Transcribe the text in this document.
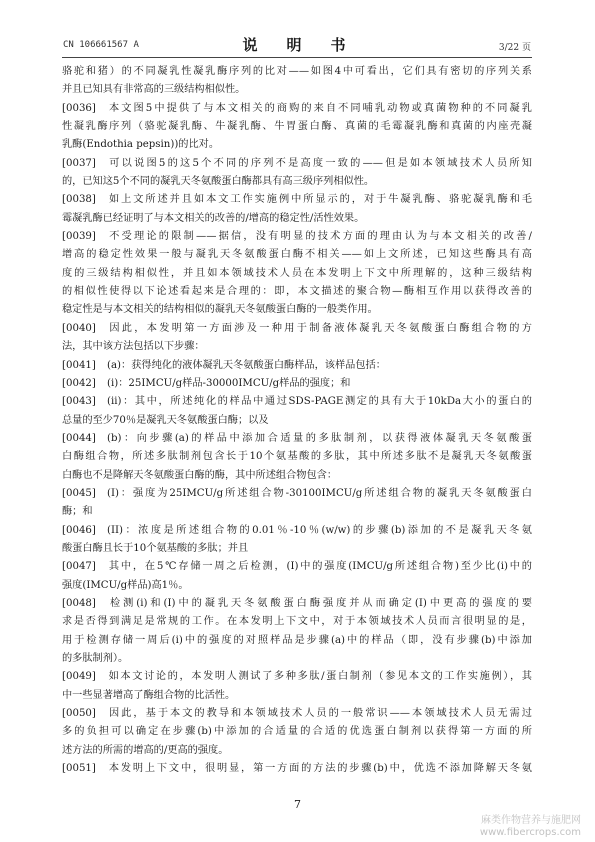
CN 106661567 A	说　明　书	3/22 页
骆驼和猪）的不同凝乳性凝乳酶序列的比对——如图4中可看出，它们具有密切的序列关系
并且已知具有非常高的三级结构相似性。
[0036] 本文图5中提供了与本文相关的商购的来自不同哺乳动物或真菌物种的不同凝乳
性凝乳酶序列（骆驼凝乳酶、牛凝乳酶、牛胃蛋白酶、真菌的毛霉凝乳酶和真菌的内座壳凝
乳酶(Endothia pepsin))的比对。
[0037] 可以说图5的这5个不同的序列不是高度一致的——但是如本领域技术人员所知
的，已知这5个不同的凝乳天冬氨酸蛋白酶都具有高三级序列相似性。
[0038] 如上文所述并且如本文工作实施例中所显示的，对于牛凝乳酶、骆驼凝乳酶和毛
霉凝乳酶已经证明了与本文相关的改善的/增高的稳定性/活性效果。
[0039] 不受理论的限制——据信，没有明显的技术方面的理由认为与本文相关的改善/
增高的稳定性效果一般与凝乳天冬氨酸蛋白酶不相关——如上文所述，已知这些酶具有高
度的三级结构相似性，并且如本领域技术人员在本发明上下文中所理解的，这种三级结构
的相似性使得以下论述看起来是合理的：即，本文描述的聚合物—酶相互作用以获得改善的
稳定性是与本文相关的结构相似的凝乳天冬氨酸蛋白酶的一般类作用。
[0040] 因此，本发明第一方面涉及一种用于制备液体凝乳天冬氨酸蛋白酶组合物的方
法，其中该方法包括以下步骤：
[0041] (a)：获得纯化的液体凝乳天冬氨酸蛋白酶样品，该样品包括：
[0042] (i)：25IMCU/g样品-30000IMCU/g样品的强度；和
[0043] (ii)：其中，所述纯化的样品中通过SDS-PAGE测定的具有大于10kDa大小的蛋白的
总量的至少70％是凝乳天冬氨酸蛋白酶；以及
[0044] (b)：向步骤(a)的样品中添加合适量的多肽制剂，以获得液体凝乳天冬氨酸蛋
白酶组合物，所述多肽制剂包含长于10个氨基酸的多肽，其中所述多肽不是凝乳天冬氨酸蛋
白酶也不是降解天冬氨酸蛋白酶的酶，其中所述组合物包含：
[0045] (I)：强度为25IMCU/g所述组合物-30100IMCU/g所述组合物的凝乳天冬氨酸蛋白
酶；和
[0046] (II)：浓度是所述组合物的0.01％-10％(w/w)的步骤(b)添加的不是凝乳天冬氨
酸蛋白酶且长于10个氨基酸的多肽；并且
[0047] 其中，在5℃存储一周之后检测，(I)中的强度(IMCU/g所述组合物)至少比(i)中的
强度(IMCU/g样品)高1％。
[0048] 检测(i)和(I)中的凝乳天冬氨酸蛋白酶强度并从而确定(I)中更高的强度的要
求是否得到满足是常规的工作。在本发明上下文中，对于本领域技术人员而言很明显的是，
用于检测存储一周后(i)中的强度的对照样品是步骤(a)中的样品（即，没有步骤(b)中添加
的多肽制剂）。
[0049] 如本文讨论的，本发明人测试了多种多肽/蛋白制剂（参见本文的工作实施例），其
中一些显著增高了酶组合物的比活性。
[0050] 因此，基于本文的教导和本领域技术人员的一般常识——本领域技术人员无需过
多的负担可以确定在步骤(b)中添加的合适量的合适的优选蛋白制剂以获得第一方面的所
述方法的所需的增高的/更高的强度。
[0051] 本发明上下文中，很明显，第一方面的方法的步骤(b)中，优选不添加降解天冬氨
7
麻类作物营养与施肥网
www.fibercrops.com
